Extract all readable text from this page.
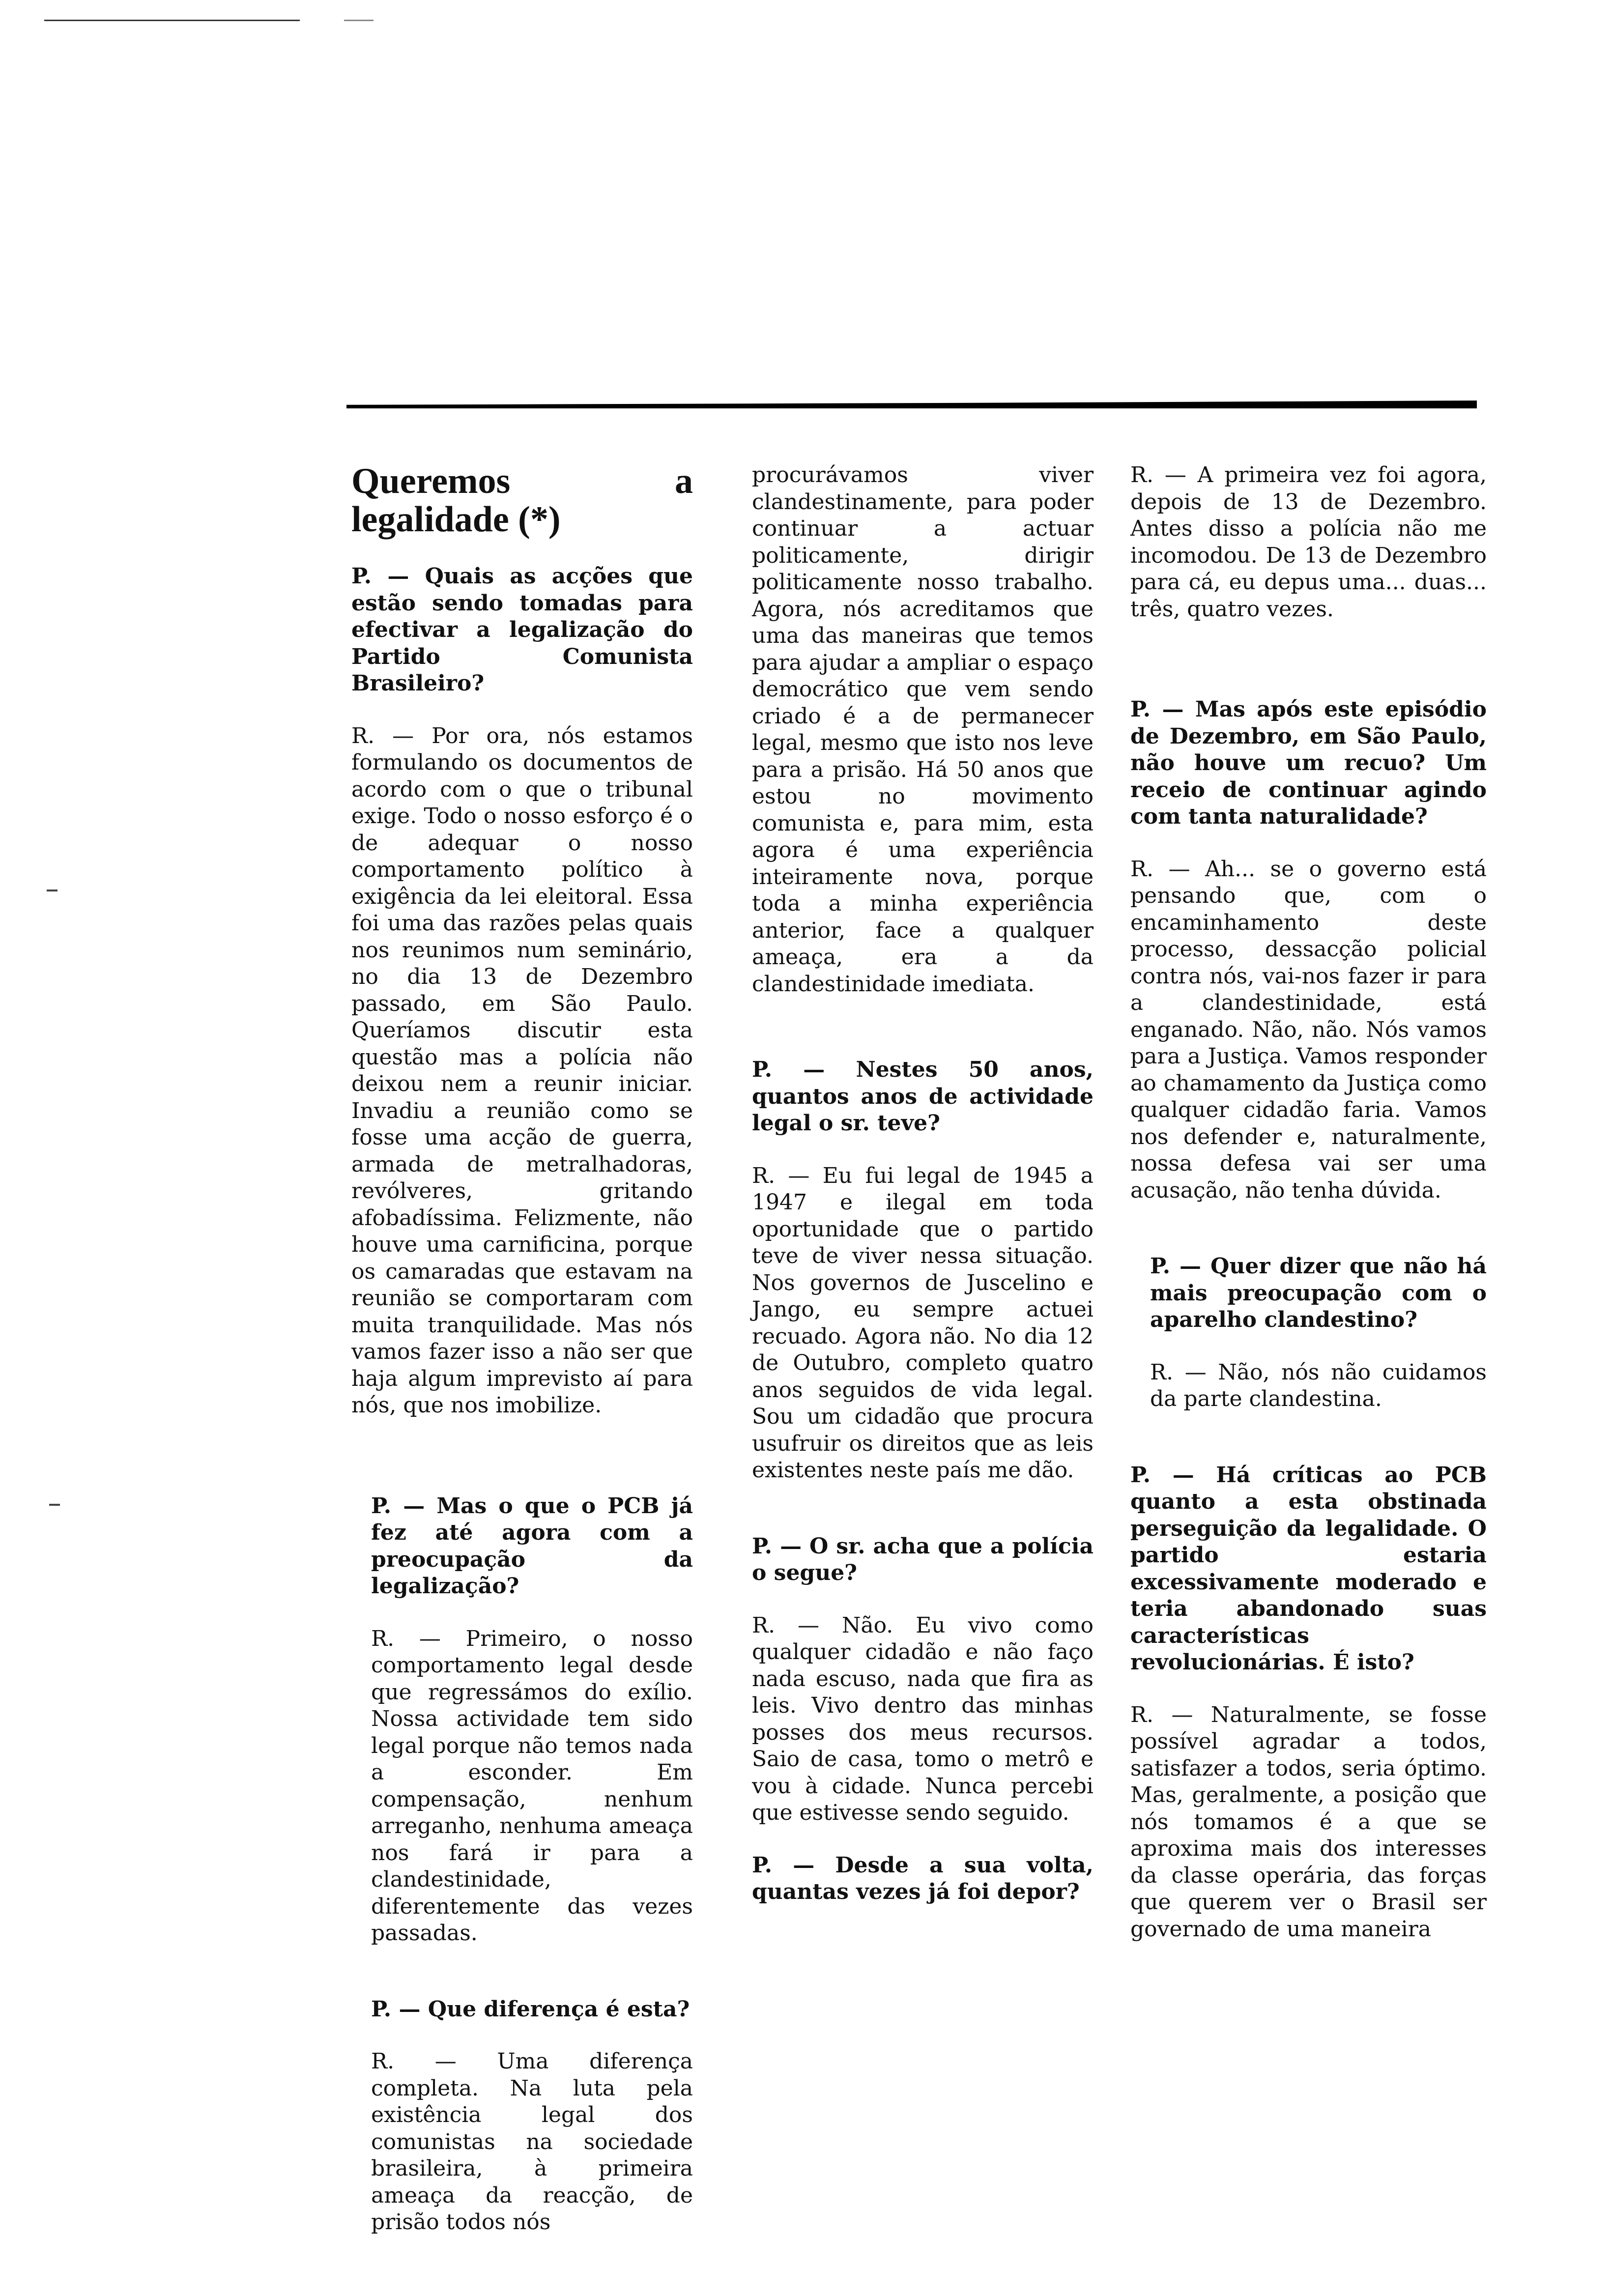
Queremos a legalidade (*)

P. — Quais as acções que estão sendo tomadas para efectivar a legalização do Partido Comunista Brasileiro?

R. — Por ora, nós estamos formulando os documentos de acordo com o que o tribunal exige. Todo o nosso esforço é o de adequar o nosso comportamento político à exigência da lei eleitoral. Essa foi uma das razões pelas quais nos reunimos num seminário, no dia 13 de Dezembro passado, em São Paulo. Queríamos discutir esta questão mas a polícia não deixou nem a reunir iniciar. Invadiu a reunião como se fosse uma acção de guerra, armada de metralhadoras, revólveres, gritando afobadíssima. Felizmente, não houve uma carnificina, porque os camaradas que estavam na reunião se comportaram com muita tranquilidade. Mas nós vamos fazer isso a não ser que haja algum imprevisto aí para nós, que nos imobilize.

P. — Mas o que o PCB já fez até agora com a preocupação da legalização?

R. — Primeiro, o nosso comportamento legal desde que regressámos do exílio. Nossa actividade tem sido legal porque não temos nada a esconder. Em compensação, nenhum arreganho, nenhuma ameaça nos fará ir para a clandestinidade, diferentemente das vezes passadas.

P. — Que diferença é esta?

R. — Uma diferença completa. Na luta pela existência legal dos comunistas na sociedade brasileira, à primeira ameaça da reacção, de prisão todos nós

procurávamos viver clandestinamente, para poder continuar a actuar politicamente, dirigir politicamente nosso trabalho. Agora, nós acreditamos que uma das maneiras que temos para ajudar a ampliar o espaço democrático que vem sendo criado é a de permanecer legal, mesmo que isto nos leve para a prisão. Há 50 anos que estou no movimento comunista e, para mim, esta agora é uma experiência inteiramente nova, porque toda a minha experiência anterior, face a qualquer ameaça, era a da clandestinidade imediata.

P. — Nestes 50 anos, quantos anos de actividade legal o sr. teve?

R. — Eu fui legal de 1945 a 1947 e ilegal em toda oportunidade que o partido teve de viver nessa situação. Nos governos de Juscelino e Jango, eu sempre actuei recuado. Agora não. No dia 12 de Outubro, completo quatro anos seguidos de vida legal. Sou um cidadão que procura usufruir os direitos que as leis existentes neste país me dão.

P. — O sr. acha que a polícia o segue?

R. — Não. Eu vivo como qualquer cidadão e não faço nada escuso, nada que fira as leis. Vivo dentro das minhas posses dos meus recursos. Saio de casa, tomo o metrô e vou à cidade. Nunca percebi que estivesse sendo seguido.

P. — Desde a sua volta, quantas vezes já foi depor?

R. — A primeira vez foi agora, depois de 13 de Dezembro. Antes disso a polícia não me incomodou. De 13 de Dezembro para cá, eu depus uma... duas... três, quatro vezes.

P. — Mas após este episódio de Dezembro, em São Paulo, não houve um recuo? Um receio de continuar agindo com tanta naturalidade?

R. — Ah... se o governo está pensando que, com o encaminhamento deste processo, dessacção policial contra nós, vai-nos fazer ir para a clandestinidade, está enganado. Não, não. Nós vamos para a Justiça. Vamos responder ao chamamento da Justiça como qualquer cidadão faria. Vamos nos defender e, naturalmente, nossa defesa vai ser uma acusação, não tenha dúvida.

P. — Quer dizer que não há mais preocupação com o aparelho clandestino?

R. — Não, nós não cuidamos da parte clandestina.

P. — Há críticas ao PCB quanto a esta obstinada perseguição da legalidade. O partido estaria excessivamente moderado e teria abandonado suas características revolucionárias. É isto?

R. — Naturalmente, se fosse possível agradar a todos, satisfazer a todos, seria óptimo. Mas, geralmente, a posição que nós tomamos é a que se aproxima mais dos interesses da classe operária, das forças que querem ver o Brasil ser governado de uma maneira
